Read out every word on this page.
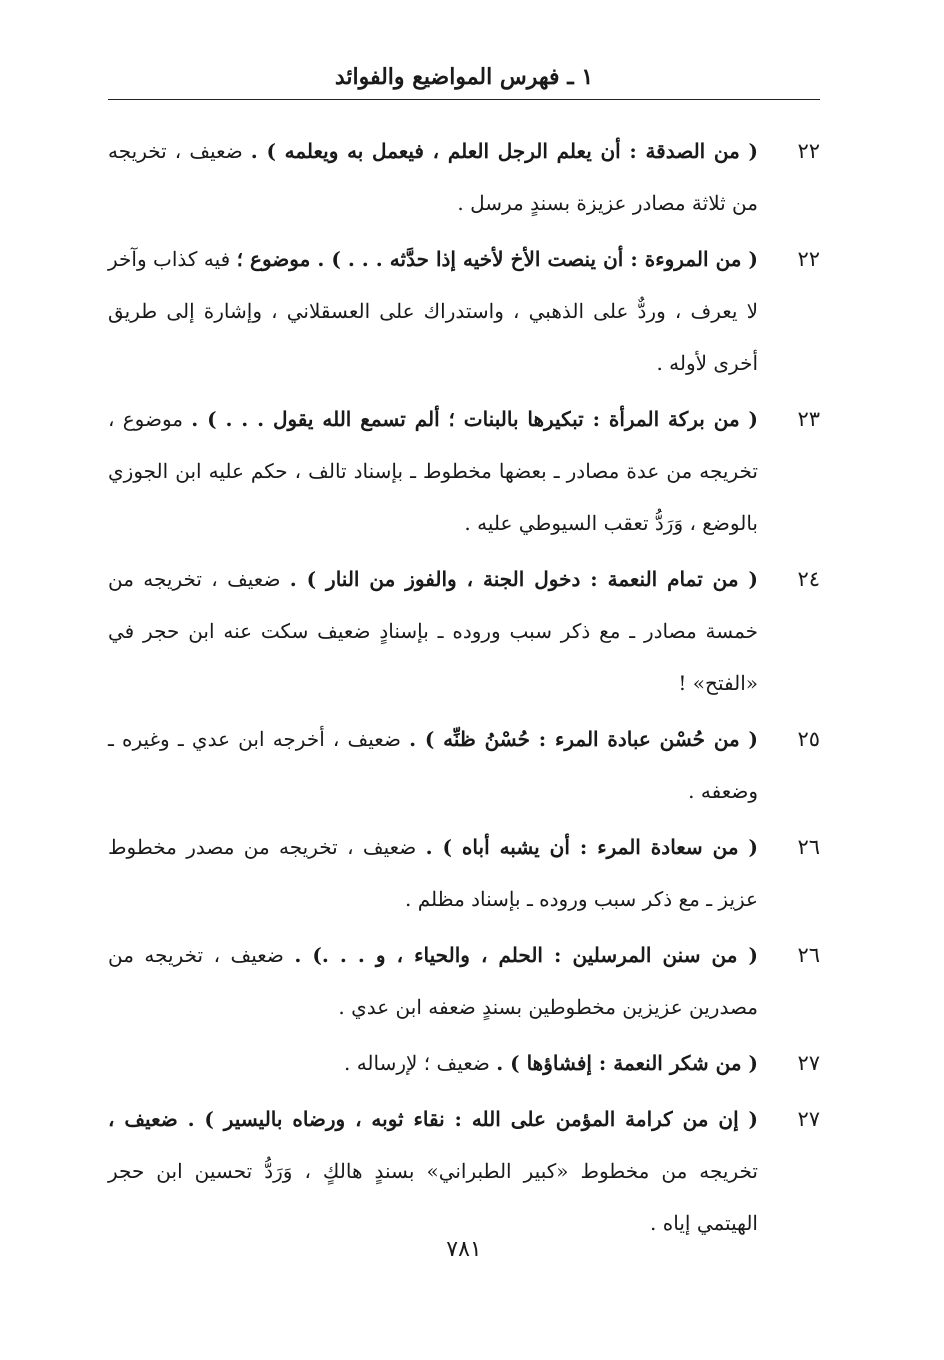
١ ـ فهرس المواضيع والفوائد
٢٢
( من الصدقة : أن يعلم الرجل العلم ، فيعمل به ويعلمه ) . ضعيف ، تخريجه من ثلاثة مصادر عزيزة بسندٍ مرسل .
٢٢
( من المروءة : أن ينصت الأخ لأخيه إذا حدَّثه . . . ) . موضوع ؛ فيه كذاب وآخر لا يعرف ، وردٌّ على الذهبي ، واستدراك على العسقلاني ، وإشارة إلى طريق أخرى لأوله .
٢٣
( من بركة المرأة : تبكيرها بالبنات ؛ ألم تسمع الله يقول . . . ) . موضوع ، تخريجه من عدة مصادر ـ بعضها مخطوط ـ بإسناد تالف ، حكم عليه ابن الجوزي بالوضع ، وَرَدُّ تعقب السيوطي عليه .
٢٤
( من تمام النعمة : دخول الجنة ، والفوز من النار ) . ضعيف ، تخريجه من خمسة مصادر ـ مع ذكر سبب وروده ـ بإسنادٍ ضعيف سكت عنه ابن حجر في «الفتح» !
٢٥
( من حُسْن عبادة المرء : حُسْنُ ظنِّه ) . ضعيف ، أخرجه ابن عدي ـ وغيره ـ وضعفه .
٢٦
( من سعادة المرء : أن يشبه أباه ) . ضعيف ، تخريجه من مصدر مخطوط عزيز ـ مع ذكر سبب وروده ـ بإسناد مظلم .
٢٦
( من سنن المرسلين : الحلم ، والحياء ، و . . .) . ضعيف ، تخريجه من مصدرين عزيزين مخطوطين بسندٍ ضعفه ابن عدي .
٢٧
( من شكر النعمة : إفشاؤها ) . ضعيف ؛ لإرساله .
٢٧
( إن من كرامة المؤمن على الله : نقاء ثوبه ، ورضاه باليسير ) . ضعيف ، تخريجه من مخطوط «كبير الطبراني» بسندٍ هالكٍ ، وَرَدُّ تحسين ابن حجر الهيتمي إياه .
٧٨١
